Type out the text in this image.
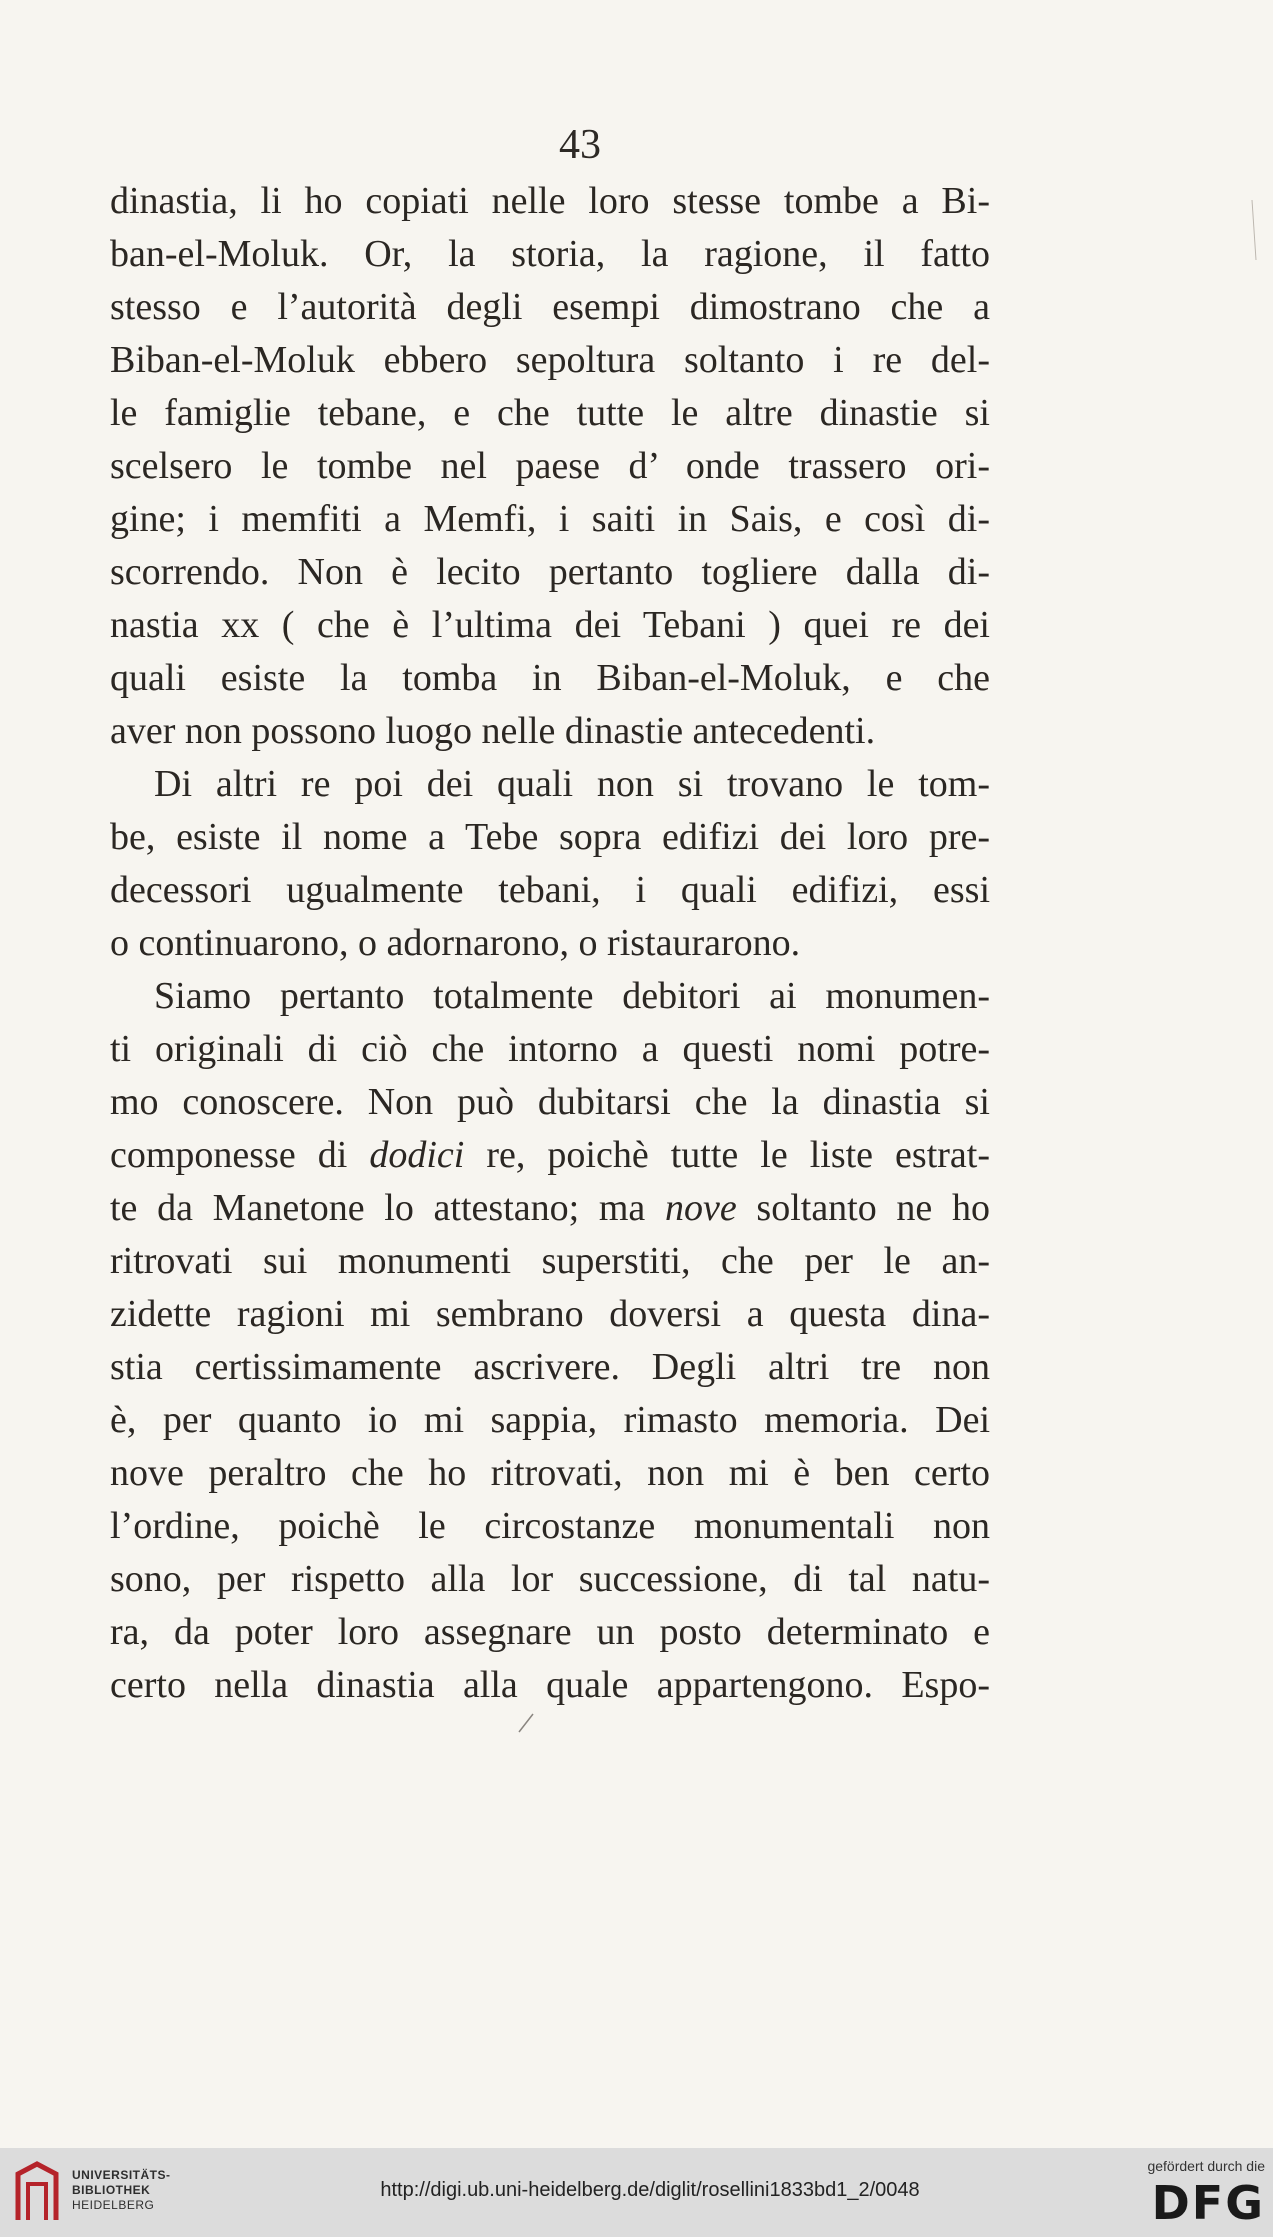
43
dinastia, li ho copiati nelle loro stesse tombe a Bi-
ban-el-Moluk. Or, la storia, la ragione, il fatto
stesso e l’autorità degli esempi dimostrano che a
Biban-el-Moluk ebbero sepoltura soltanto i re del-
le famiglie tebane, e che tutte le altre dinastie si
scelsero le tombe nel paese d’ onde trassero ori-
gine; i memfiti a Memfi, i saiti in Sais, e così di-
scorrendo. Non è lecito pertanto togliere dalla di-
nastia xx ( che è l’ultima dei Tebani ) quei re dei
quali esiste la tomba in Biban-el-Moluk, e che
aver non possono luogo nelle dinastie antecedenti.
Di altri re poi dei quali non si trovano le tom-
be, esiste il nome a Tebe sopra edifizi dei loro pre-
decessori ugualmente tebani, i quali edifizi, essi
o continuarono, o adornarono, o ristaurarono.
Siamo pertanto totalmente debitori ai monumen-
ti originali di ciò che intorno a questi nomi potre-
mo conoscere. Non può dubitarsi che la dinastia si
componesse di dodici re, poichè tutte le liste estrat-
te da Manetone lo attestano; ma nove soltanto ne ho
ritrovati sui monumenti superstiti, che per le an-
zidette ragioni mi sembrano doversi a questa dina-
stia certissimamente ascrivere. Degli altri tre non
è, per quanto io mi sappia, rimasto memoria. Dei
nove peraltro che ho ritrovati, non mi è ben certo
l’ordine, poichè le circostanze monumentali non
sono, per rispetto alla lor successione, di tal natu-
ra, da poter loro assegnare un posto determinato e
certo nella dinastia alla quale appartengono. Espo-
UNIVERSITÄTS-
BIBLIOTHEK
HEIDELBERG
http://digi.ub.uni-heidelberg.de/diglit/rosellini1833bd1_2/0048
gefördert durch die
DFG
